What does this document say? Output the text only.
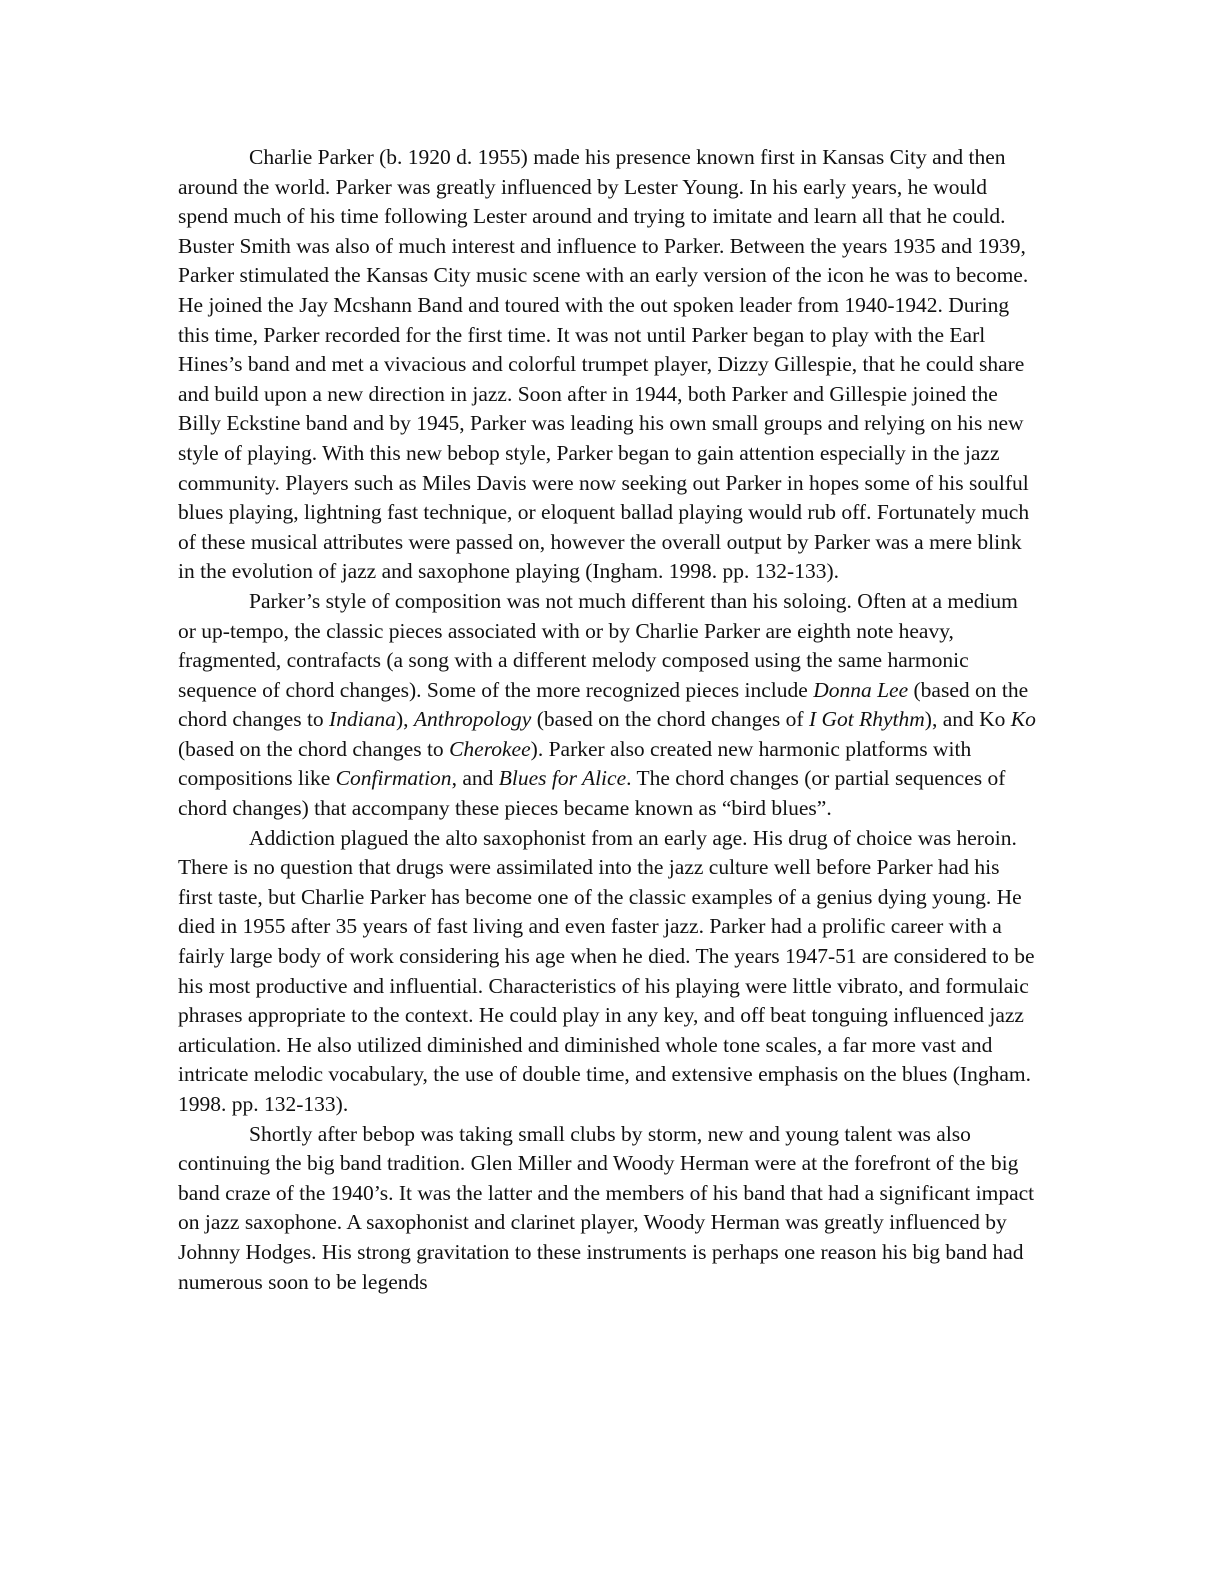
Charlie Parker (b. 1920 d. 1955) made his presence known first in Kansas City and then around the world. Parker was greatly influenced by Lester Young. In his early years, he would spend much of his time following Lester around and trying to imitate and learn all that he could. Buster Smith was also of much interest and influence to Parker. Between the years 1935 and 1939, Parker stimulated the Kansas City music scene with an early version of the icon he was to become. He joined the Jay Mcshann Band and toured with the out spoken leader from 1940-1942. During this time, Parker recorded for the first time. It was not until Parker began to play with the Earl Hines’s band and met a vivacious and colorful trumpet player, Dizzy Gillespie, that he could share and build upon a new direction in jazz. Soon after in 1944, both Parker and Gillespie joined the Billy Eckstine band and by 1945, Parker was leading his own small groups and relying on his new style of playing. With this new bebop style, Parker began to gain attention especially in the jazz community. Players such as Miles Davis were now seeking out Parker in hopes some of his soulful blues playing, lightning fast technique, or eloquent ballad playing would rub off. Fortunately much of these musical attributes were passed on, however the overall output by Parker was a mere blink in the evolution of jazz and saxophone playing (Ingham. 1998. pp. 132-133).

Parker’s style of composition was not much different than his soloing. Often at a medium or up-tempo, the classic pieces associated with or by Charlie Parker are eighth note heavy, fragmented, contrafacts (a song with a different melody composed using the same harmonic sequence of chord changes). Some of the more recognized pieces include Donna Lee (based on the chord changes to Indiana), Anthropology (based on the chord changes of I Got Rhythm), and Ko Ko (based on the chord changes to Cherokee). Parker also created new harmonic platforms with compositions like Confirmation, and Blues for Alice. The chord changes (or partial sequences of chord changes) that accompany these pieces became known as “bird blues”.

Addiction plagued the alto saxophonist from an early age. His drug of choice was heroin. There is no question that drugs were assimilated into the jazz culture well before Parker had his first taste, but Charlie Parker has become one of the classic examples of a genius dying young. He died in 1955 after 35 years of fast living and even faster jazz. Parker had a prolific career with a fairly large body of work considering his age when he died. The years 1947-51 are considered to be his most productive and influential. Characteristics of his playing were little vibrato, and formulaic phrases appropriate to the context. He could play in any key, and off beat tonguing influenced jazz articulation. He also utilized diminished and diminished whole tone scales, a far more vast and intricate melodic vocabulary, the use of double time, and extensive emphasis on the blues (Ingham. 1998. pp. 132-133).

Shortly after bebop was taking small clubs by storm, new and young talent was also continuing the big band tradition. Glen Miller and Woody Herman were at the forefront of the big band craze of the 1940’s. It was the latter and the members of his band that had a significant impact on jazz saxophone. A saxophonist and clarinet player, Woody Herman was greatly influenced by Johnny Hodges. His strong gravitation to these instruments is perhaps one reason his big band had numerous soon to be legends
